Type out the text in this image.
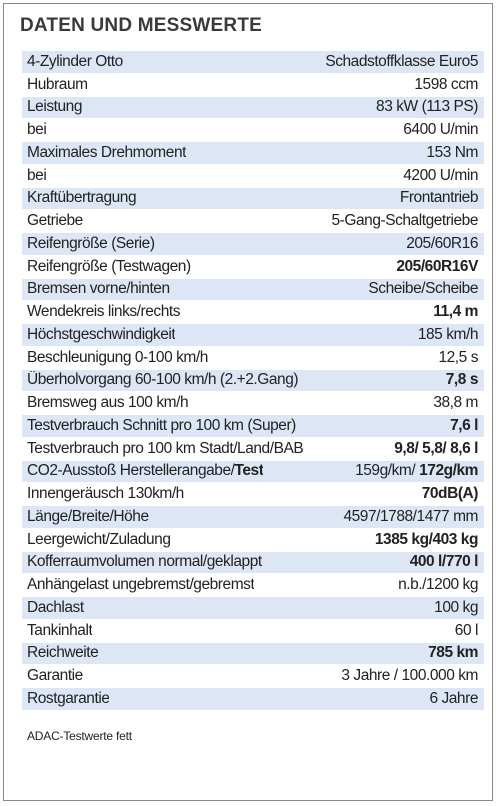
DATEN UND MESSWERTE
4-Zylinder Otto	Schadstoffklasse Euro5
Hubraum	1598 ccm
Leistung	83 kW (113 PS)
bei	6400 U/min
Maximales Drehmoment	153 Nm
bei	4200 U/min
Kraftübertragung	Frontantrieb
Getriebe	5-Gang-Schaltgetriebe
Reifengröße (Serie)	205/60R16
Reifengröße (Testwagen)	205/60R16V
Bremsen vorne/hinten	Scheibe/Scheibe
Wendekreis links/rechts	11,4 m
Höchstgeschwindigkeit	185 km/h
Beschleunigung 0-100 km/h	12,5 s
Überholvorgang 60-100 km/h (2.+2.Gang)	7,8 s
Bremsweg aus 100 km/h	38,8 m
Testverbrauch Schnitt pro 100 km (Super)	7,6 l
Testverbrauch pro 100 km Stadt/Land/BAB	9,8/ 5,8/ 8,6 l
CO2-Ausstoß Herstellerangabe/Test	159g/km/ 172g/km
Innengeräusch 130km/h	70dB(A)
Länge/Breite/Höhe	4597/1788/1477 mm
Leergewicht/Zuladung	1385 kg/403 kg
Kofferraumvolumen normal/geklappt	400 l/770 l
Anhängelast ungebremst/gebremst	n.b./1200 kg
Dachlast	100 kg
Tankinhalt	60 l
Reichweite	785 km
Garantie	3 Jahre / 100.000 km
Rostgarantie	6 Jahre
ADAC-Testwerte fett
